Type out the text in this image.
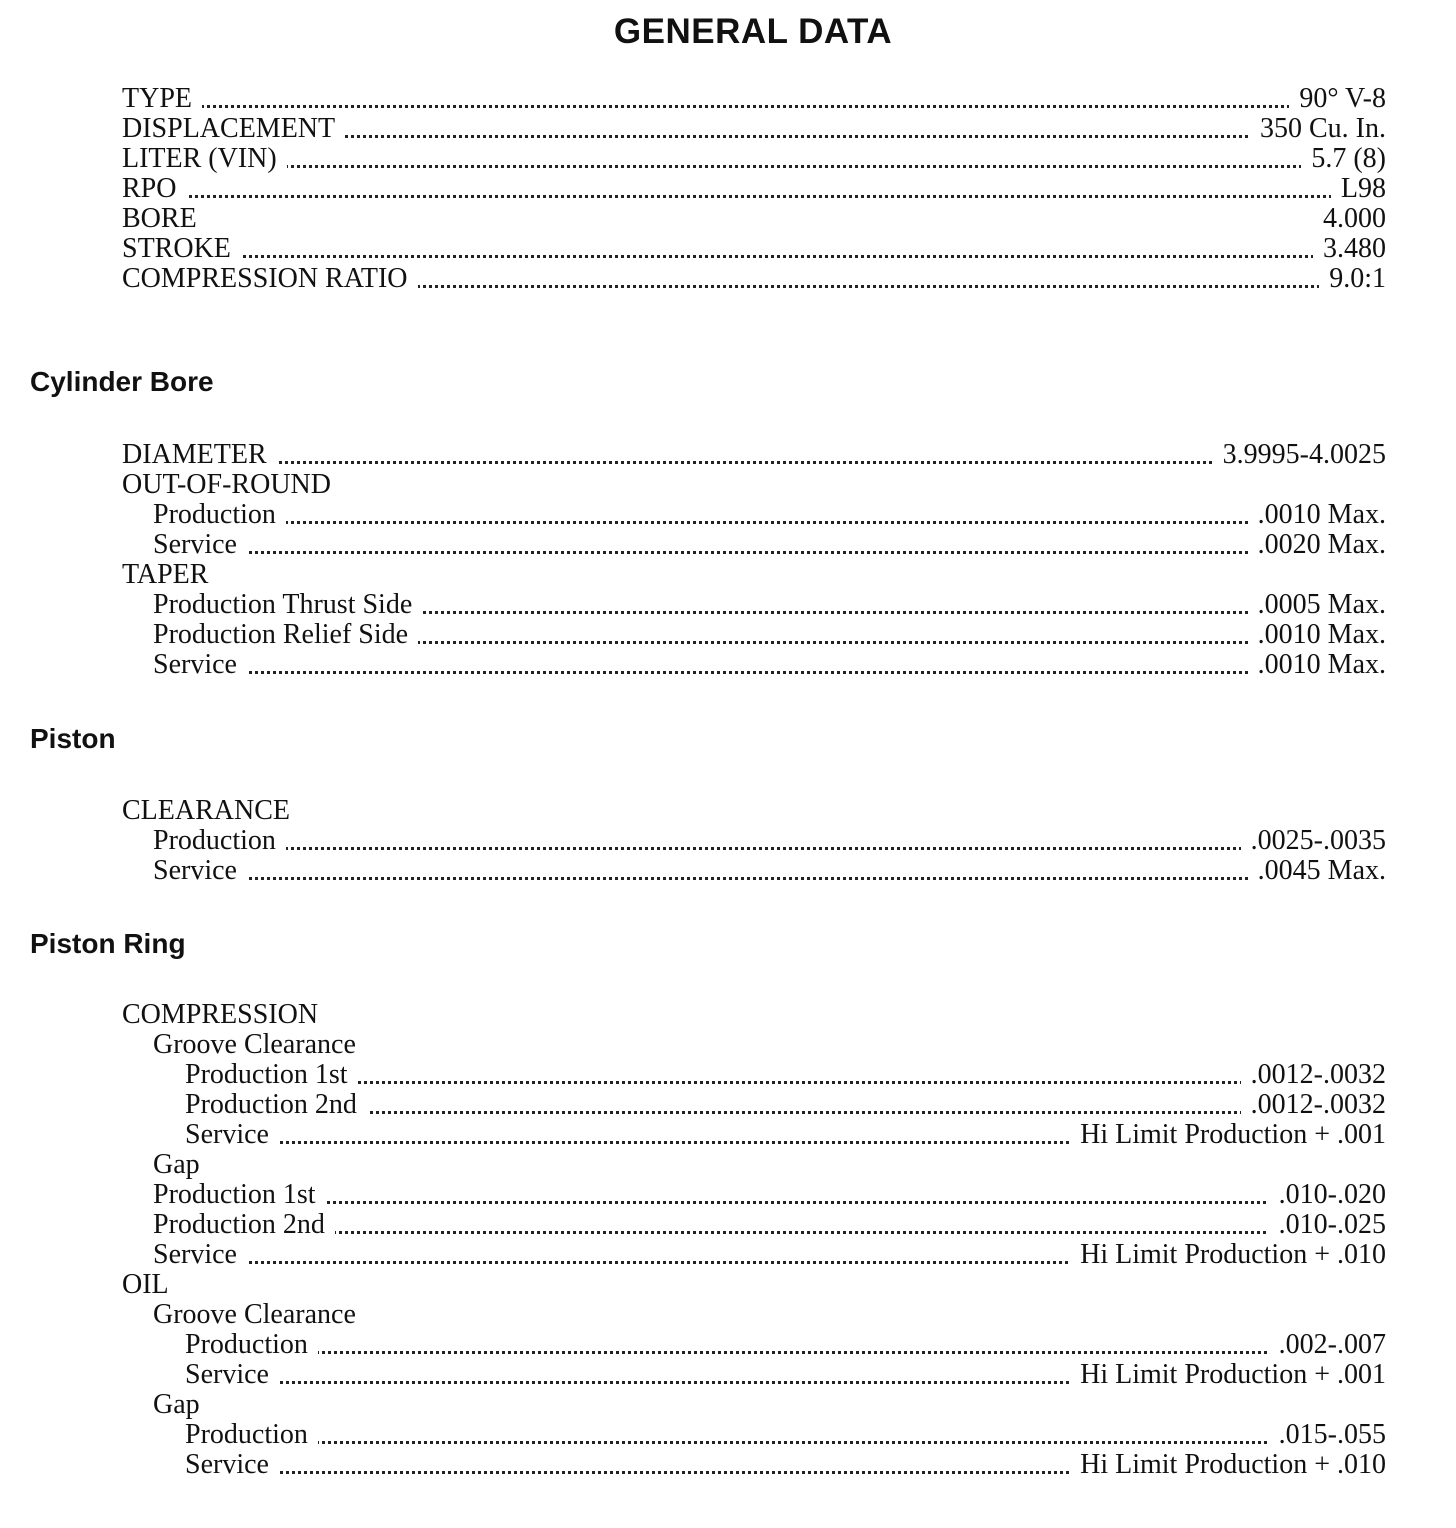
GENERAL DATA
TYPE	90° V-8
DISPLACEMENT	350 Cu. In.
LITER (VIN)	5.7 (8)
RPO	L98
BORE	4.000
STROKE	3.480
COMPRESSION RATIO	9.0:1
Cylinder Bore
DIAMETER	3.9995-4.0025
OUT-OF-ROUND
Production	.0010 Max.
Service	.0020 Max.
TAPER
Production Thrust Side	.0005 Max.
Production Relief Side	.0010 Max.
Service	.0010 Max.
Piston
CLEARANCE
Production	.0025-.0035
Service	.0045 Max.
Piston Ring
COMPRESSION
Groove Clearance
Production 1st	.0012-.0032
Production 2nd	.0012-.0032
Service	Hi Limit Production + .001
Gap
Production 1st	.010-.020
Production 2nd	.010-.025
Service	Hi Limit Production + .010
OIL
Groove Clearance
Production	.002-.007
Service	Hi Limit Production + .001
Gap
Production	.015-.055
Service	Hi Limit Production + .010
